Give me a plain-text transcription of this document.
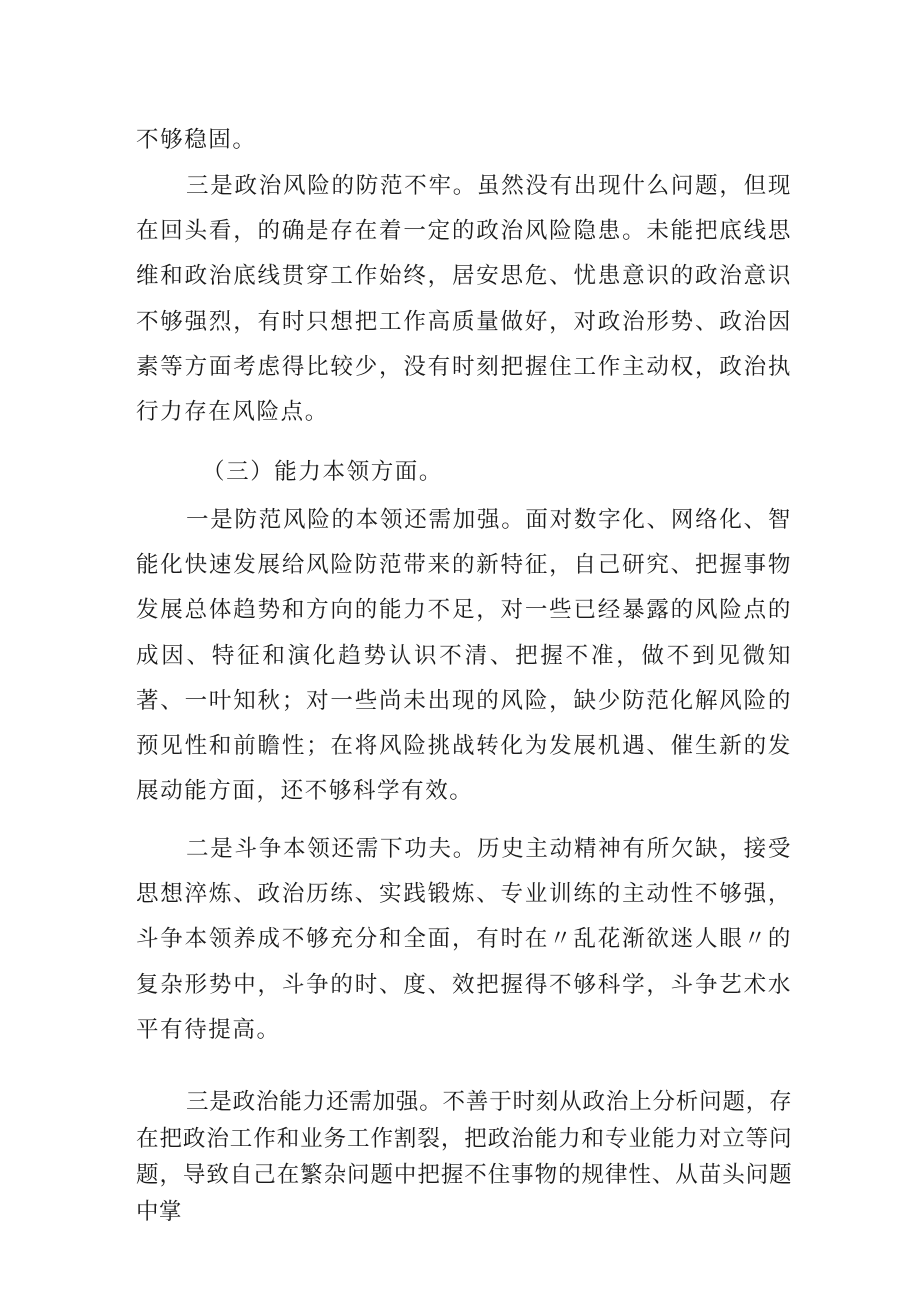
不够稳固。

三是政治风险的防范不牢。虽然没有出现什么问题，但现在回头看，的确是存在着一定的政治风险隐患。未能把底线思维和政治底线贯穿工作始终，居安思危、忧患意识的政治意识不够强烈，有时只想把工作高质量做好，对政治形势、政治因素等方面考虑得比较少，没有时刻把握住工作主动权，政治执行力存在风险点。

（三）能力本领方面。

一是防范风险的本领还需加强。面对数字化、网络化、智能化快速发展给风险防范带来的新特征，自己研究、把握事物发展总体趋势和方向的能力不足，对一些已经暴露的风险点的成因、特征和演化趋势认识不清、把握不准，做不到见微知著、一叶知秋；对一些尚未出现的风险，缺少防范化解风险的预见性和前瞻性；在将风险挑战转化为发展机遇、催生新的发展动能方面，还不够科学有效。

二是斗争本领还需下功夫。历史主动精神有所欠缺，接受思想淬炼、政治历练、实践锻炼、专业训练的主动性不够强，斗争本领养成不够充分和全面，有时在〃乱花渐欲迷人眼〃的复杂形势中，斗争的时、度、效把握得不够科学，斗争艺术水平有待提高。

三是政治能力还需加强。不善于时刻从政治上分析问题，存在把政治工作和业务工作割裂，把政治能力和专业能力对立等问题，导致自己在繁杂问题中把握不住事物的规律性、从苗头问题中掌
